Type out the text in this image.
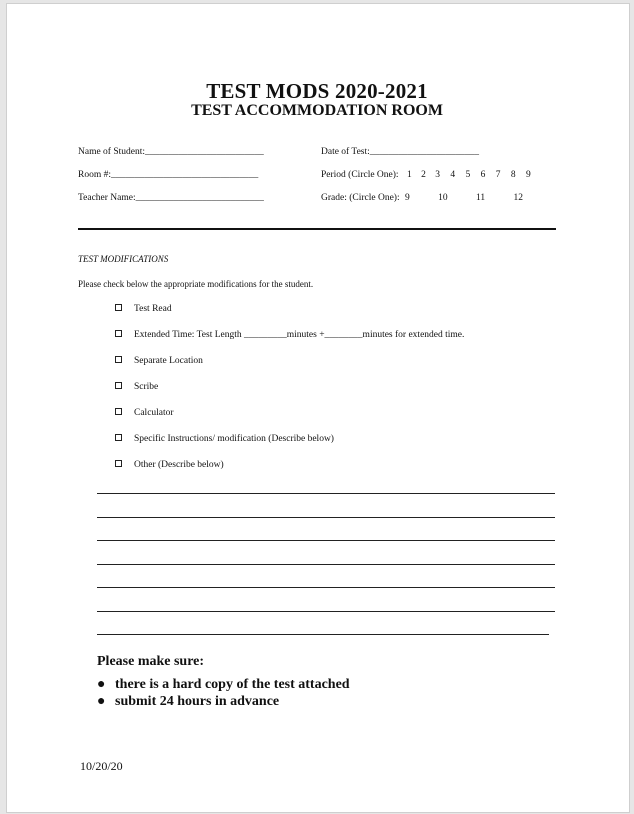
TEST MODS 2020-2021
TEST ACCOMMODATION ROOM
Name of Student:_________________________	Date of Test:_______________________
Room #:_______________________________	Period (Circle One): 1 2 3 4 5 6 7 8 9
Teacher Name:___________________________	Grade: (Circle One): 9	10	11	12
TEST MODIFICATIONS
Please check below the appropriate modifications for the student.
Test Read
Extended Time: Test Length _________minutes +________minutes for extended time.
Separate Location
Scribe
Calculator
Specific Instructions/ modification (Describe below)
Other (Describe below)
Please make sure:
● there is a hard copy of the test attached
● submit 24 hours in advance
10/20/20
